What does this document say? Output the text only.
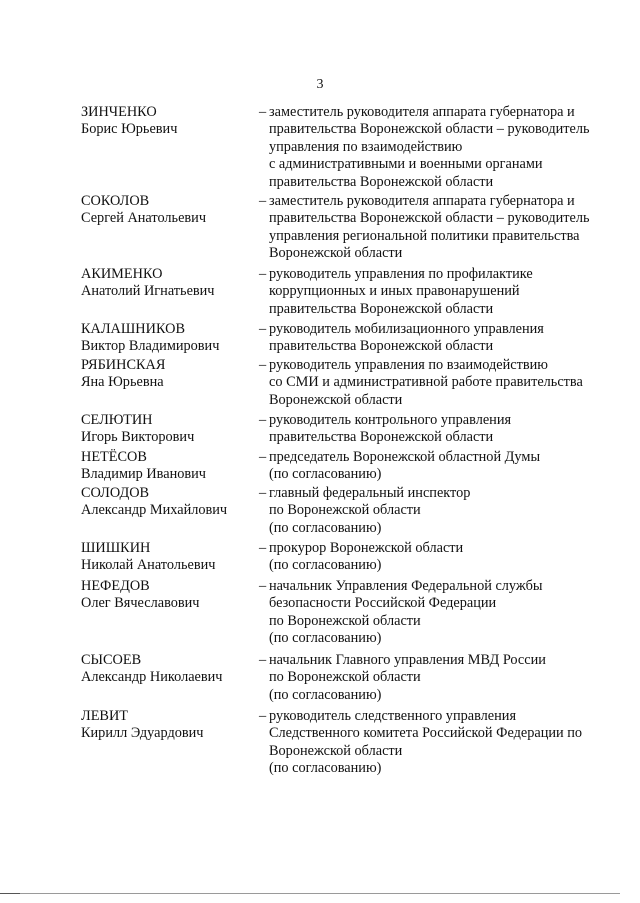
3
ЗИНЧЕНКО
Борис Юрьевич
– заместитель руководителя аппарата губернатора и
правительства Воронежской области – руководитель
управления по взаимодействию
с административными и военными органами
правительства Воронежской области
СОКОЛОВ
Сергей Анатольевич
– заместитель руководителя аппарата губернатора и
правительства Воронежской области – руководитель
управления региональной политики правительства
Воронежской области
АКИМЕНКО
Анатолий Игнатьевич
– руководитель управления по профилактике
коррупционных и иных правонарушений
правительства Воронежской области
КАЛАШНИКОВ
Виктор Владимирович
– руководитель мобилизационного управления
правительства Воронежской области
РЯБИНСКАЯ
Яна Юрьевна
– руководитель управления по взаимодействию
со СМИ и административной работе правительства
Воронежской области
СЕЛЮТИН
Игорь Викторович
– руководитель контрольного управления
правительства Воронежской области
НЕТЁСОВ
Владимир Иванович
– председатель Воронежской областной Думы
(по согласованию)
СОЛОДОВ
Александр Михайлович
– главный федеральный инспектор
по Воронежской области
(по согласованию)
ШИШКИН
Николай Анатольевич
– прокурор Воронежской области
(по согласованию)
НЕФЕДОВ
Олег Вячеславович
– начальник Управления Федеральной службы
безопасности Российской Федерации
по Воронежской области
(по согласованию)
СЫСОЕВ
Александр Николаевич
– начальник Главного управления МВД России
по Воронежской области
(по согласованию)
ЛЕВИТ
Кирилл Эдуардович
– руководитель следственного управления
Следственного комитета Российской Федерации по
Воронежской области
(по согласованию)
